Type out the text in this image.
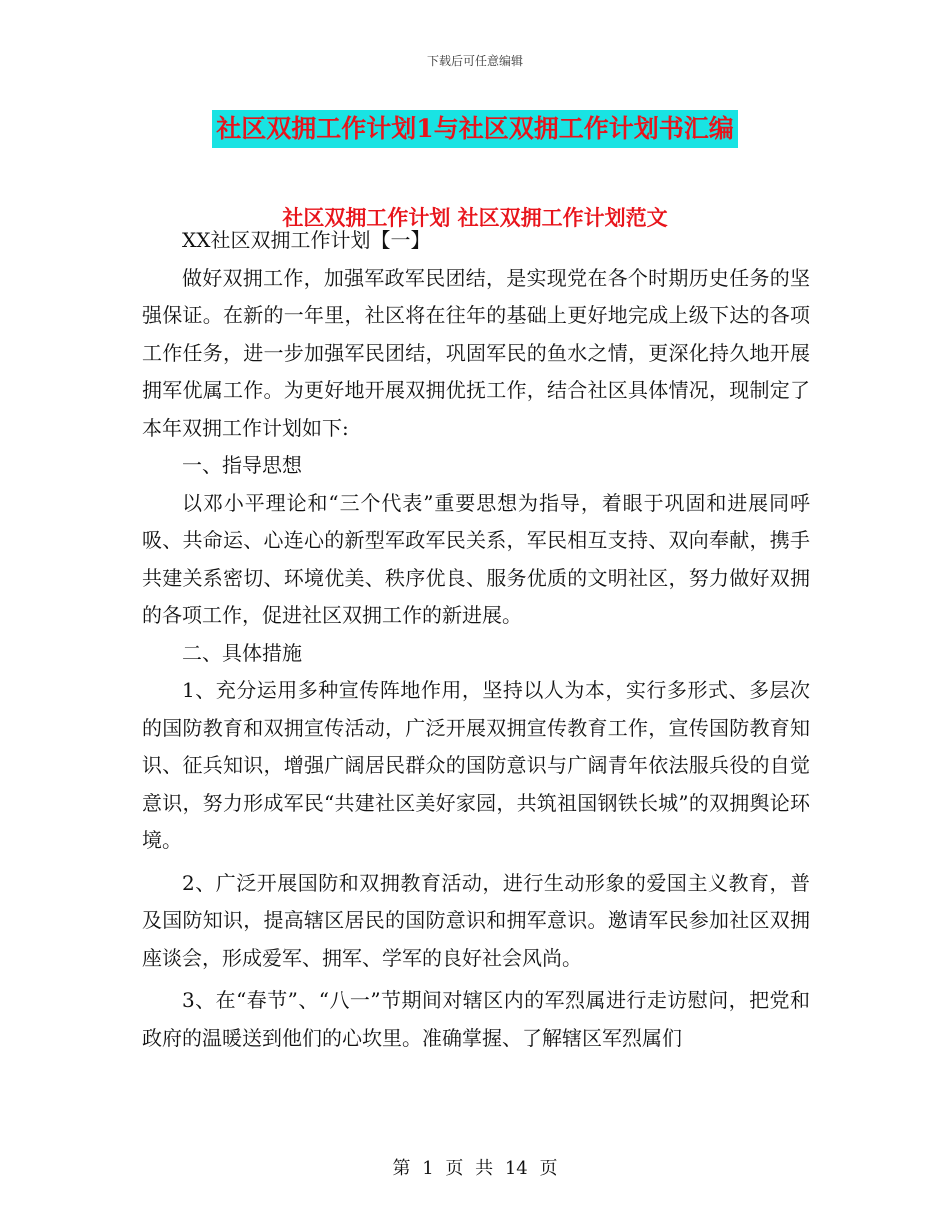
下载后可任意编辑
社区双拥工作计划1与社区双拥工作计划书汇编
社区双拥工作计划 社区双拥工作计划范文

XX社区双拥工作计划【一】

做好双拥工作，加强军政军民团结，是实现党在各个时期历史任务的坚强保证。在新的一年里，社区将在往年的基础上更好地完成上级下达的各项工作任务，进一步加强军民团结，巩固军民的鱼水之情，更深化持久地开展拥军优属工作。为更好地开展双拥优抚工作，结合社区具体情况，现制定了本年双拥工作计划如下:

一、指导思想

以邓小平理论和“三个代表”重要思想为指导，着眼于巩固和进展同呼吸、共命运、心连心的新型军政军民关系，军民相互支持、双向奉献，携手共建关系密切、环境优美、秩序优良、服务优质的文明社区，努力做好双拥的各项工作，促进社区双拥工作的新进展。

二、具体措施

1、充分运用多种宣传阵地作用，坚持以人为本，实行多形式、多层次的国防教育和双拥宣传活动，广泛开展双拥宣传教育工作，宣传国防教育知识、征兵知识，增强广阔居民群众的国防意识与广阔青年依法服兵役的自觉意识，努力形成军民“共建社区美好家园，共筑祖国钢铁长城”的双拥舆论环境。

2、广泛开展国防和双拥教育活动，进行生动形象的爱国主义教育，普及国防知识，提高辖区居民的国防意识和拥军意识。邀请军民参加社区双拥座谈会，形成爱军、拥军、学军的良好社会风尚。

3、在“春节”、“八一”节期间对辖区内的军烈属进行走访慰问，把党和政府的温暖送到他们的心坎里。准确掌握、了解辖区军烈属们

第 1 页 共 14 页
